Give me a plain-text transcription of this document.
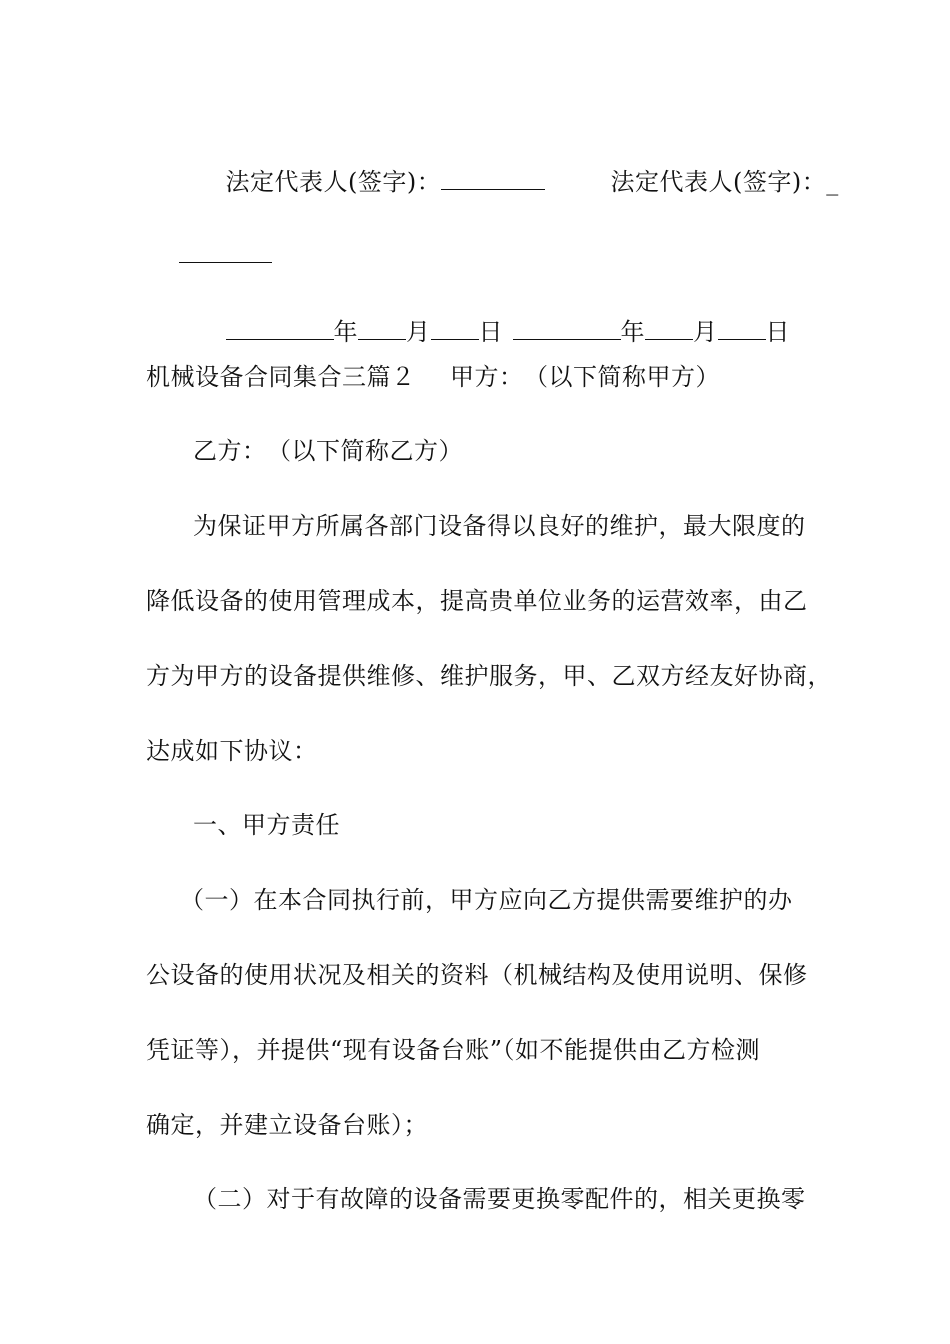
法定代表人(签字)：
	法定代表人(签字)：_

年 月 日
	年 月 日

机械设备合同集合三篇２ 甲方：　（以下简称甲方）
乙方：　（以下简称乙方）
为保证甲方所属各部门设备得以良好的维护，最大限度的
降低设备的使用管理成本，提高贵单位业务的运营效率，由乙
方为甲方的设备提供维修、维护服务，甲、乙双方经友好协商，
达成如下协议：
一、甲方责任
（一）在本合同执行前，甲方应向乙方提供需要维护的办
公设备的使用状况及相关的资料（机械结构及使用说明、保修
凭证等），并提供“现有设备台账”（如不能提供由乙方检测
确定，并建立设备台账）；
（二）对于有故障的设备需要更换零配件的，相关更换零
